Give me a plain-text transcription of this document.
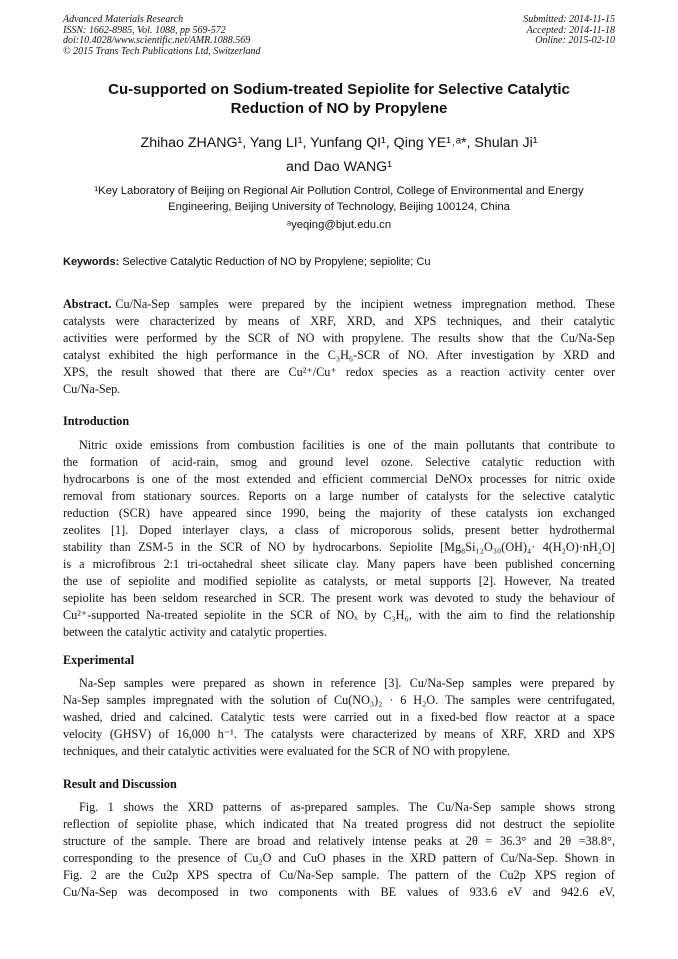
Advanced Materials Research
ISSN: 1662-8985, Vol. 1088, pp 569-572
doi:10.4028/www.scientific.net/AMR.1088.569
© 2015 Trans Tech Publications Ltd, Switzerland
Submitted: 2014-11-15
Accepted: 2014-11-18
Online: 2015-02-10
Cu-supported on Sodium-treated Sepiolite for Selective Catalytic
Reduction of NO by Propylene
Zhihao ZHANG¹, Yang LI¹, Yunfang QI¹, Qing YE¹˒ᵃ*, Shulan Ji¹
and Dao WANG¹
¹Key Laboratory of Beijing on Regional Air Pollution Control, College of Environmental and Energy
Engineering, Beijing University of Technology, Beijing 100124, China
ᵃyeqing@bjut.edu.cn
Keywords: Selective Catalytic Reduction of NO by Propylene; sepiolite; Cu
Abstract. Cu/Na-Sep samples were prepared by the incipient wetness impregnation method. These
catalysts were characterized by means of XRF, XRD, and XPS techniques, and their catalytic
activities were performed by the SCR of NO with propylene. The results show that the Cu/Na-Sep
catalyst exhibited the high performance in the C₃H₆-SCR of NO. After investigation by XRD and
XPS, the result showed that there are Cu²⁺/Cu⁺ redox species as a reaction activity center over
Cu/Na-Sep.
Introduction
Nitric oxide emissions from combustion facilities is one of the main pollutants that contribute to
the formation of acid-rain, smog and ground level ozone. Selective catalytic reduction with
hydrocarbons is one of the most extended and efficient commercial DeNOx processes for nitric oxide
removal from stationary sources. Reports on a large number of catalysts for the selective catalytic
reduction (SCR) have appeared since 1990, being the majority of these catalysts ion exchanged
zeolites [1]. Doped interlayer clays, a class of microporous solids, present better hydrothermal
stability than ZSM-5 in the SCR of NO by hydrocarbons. Sepiolite [Mg₈Si₁₂O₃₀(OH)₄· 4(H₂O)·nH₂O]
is a microfibrous 2:1 tri-octahedral sheet silicate clay. Many papers have been published concerning
the use of sepiolite and modified sepiolite as catalysts, or metal supports [2]. However, Na treated
sepiolite has been seldom researched in SCR. The present work was devoted to study the behaviour of
Cu²⁺-supported Na-treated sepiolite in the SCR of NOₓ by C₃H₆, with the aim to find the relationship
between the catalytic activity and catalytic properties.
Experimental
Na-Sep samples were prepared as shown in reference [3]. Cu/Na-Sep samples were prepared by
Na-Sep samples impregnated with the solution of Cu(NO₃)₂ · 6 H₂O. The samples were centrifugated,
washed, dried and calcined. Catalytic tests were carried out in a fixed-bed flow reactor at a space
velocity (GHSV) of 16,000 h⁻¹. The catalysts were characterized by means of XRF, XRD and XPS
techniques, and their catalytic activities were evaluated for the SCR of NO with propylene.
Result and Discussion
Fig. 1 shows the XRD patterns of as-prepared samples. The Cu/Na-Sep sample shows strong
reflection of sepiolite phase, which indicated that Na treated progress did not destruct the sepiolite
structure of the sample. There are broad and relatively intense peaks at 2θ = 36.3° and 2θ =38.8°,
corresponding to the presence of Cu₂O and CuO phases in the XRD pattern of Cu/Na-Sep. Shown in
Fig. 2 are the Cu2p XPS spectra of Cu/Na-Sep sample. The pattern of the Cu2p XPS region of
Cu/Na-Sep was decomposed in two components with BE values of 933.6 eV and 942.6 eV,
